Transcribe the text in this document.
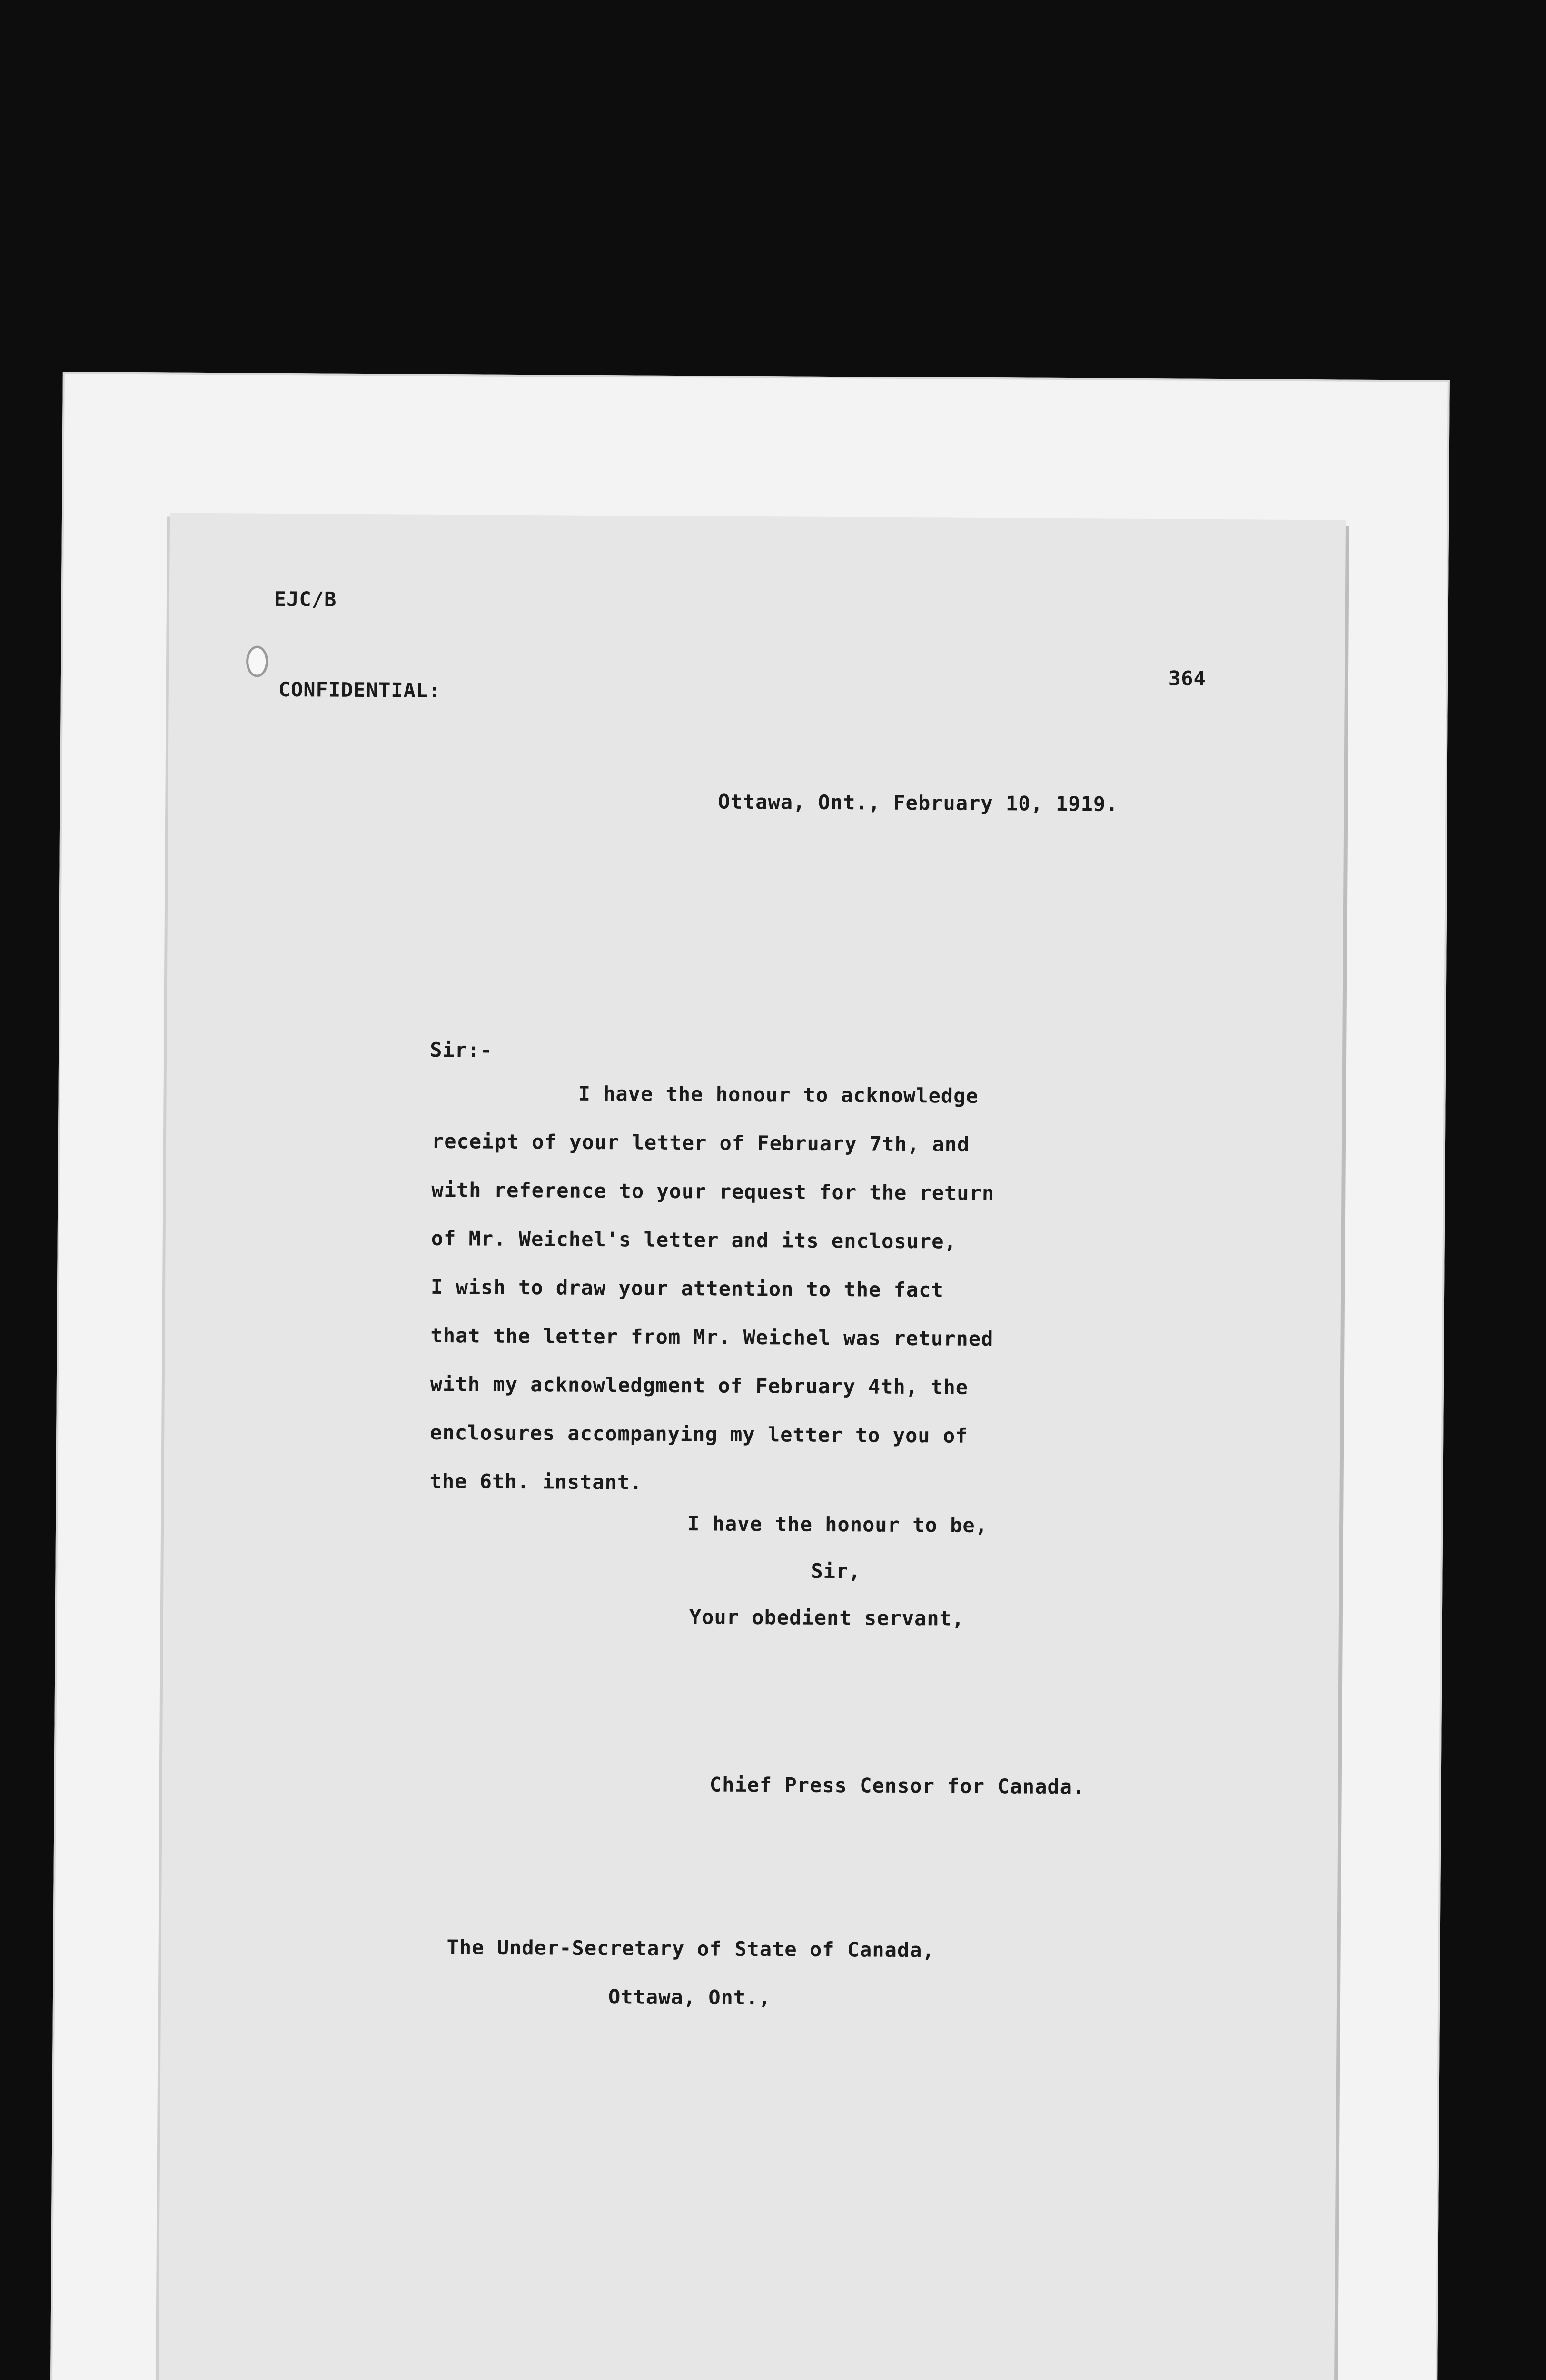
EJC/B
CONFIDENTIAL:	364
Ottawa, Ont., February 10, 1919.
Sir:-
I have the honour to acknowledge
receipt of your letter of February 7th, and
with reference to your request for the return
of Mr. Weichel's letter and its enclosure,
I wish to draw your attention to the fact
that the letter from Mr. Weichel was returned
with my acknowledgment of February 4th, the
enclosures accompanying my letter to you of
the 6th. instant.
I have the honour to be,
Sir,
Your obedient servant,
Chief Press Censor for Canada.
The Under-Secretary of State of Canada,
Ottawa, Ont.,
